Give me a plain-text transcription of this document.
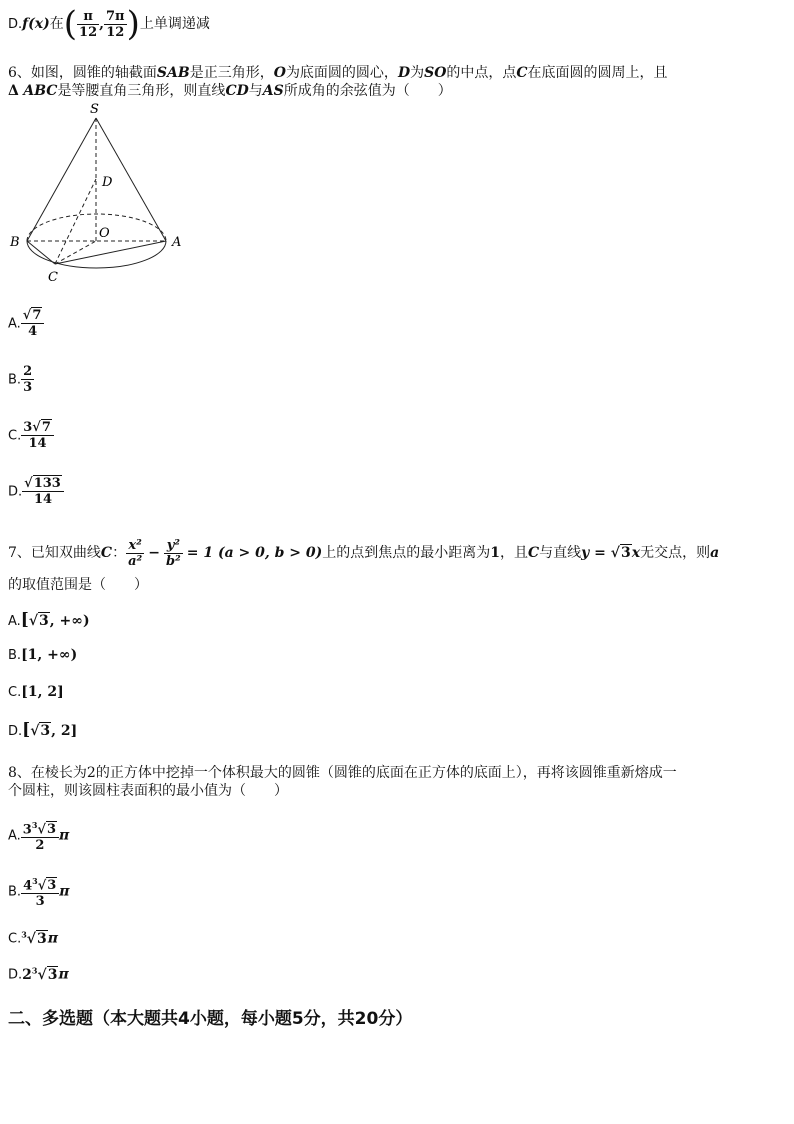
D.f(x)在( $\frac{\pi}{12}$ , $\frac{7\pi}{12}$ )上单调递减
6、如图，圆锥的轴截面SAB是正三角形，O为底面圆的圆心，D为SO的中点，点C在底面圆的圆周上，且
Δ ABC是等腰直角三角形，则直线CD与AS所成角的余弦值为（　　）
S
D
O
B	A
C
A. $\frac{√7}{4}$
B. $\frac{2}{3}$
C. $\frac{3√7}{14}$
D. $\frac{√133}{14}$
7、已知双曲线C： $\frac{\text{x²}}{\text{a²}} - \frac{\text{y²}}{\text{b²}} = 1$ (a > 0, b > 0)上的点到焦点的最小距离为1，且C与直线y = √3x无交点，则a
的取值范围是（　　）
A.[√3, +∞)
B.[1, +∞)
C.[1, 2]
D.[√3, 2]
8、在棱长为2的正方体中挖掉一个体积最大的圆锥（圆锥的底面在正方体的底面上），再将该圆锥重新熔成一
个圆柱，则该圆柱表面积的最小值为（　　）
A. $\frac{3^3√3}{2}$ π
B. $\frac{4^3√3}{3}$ π
C.$^3$√3π
$D.2^3√3\pi$
二、多选题（本大题共4小题，每小题5分，共20分）
